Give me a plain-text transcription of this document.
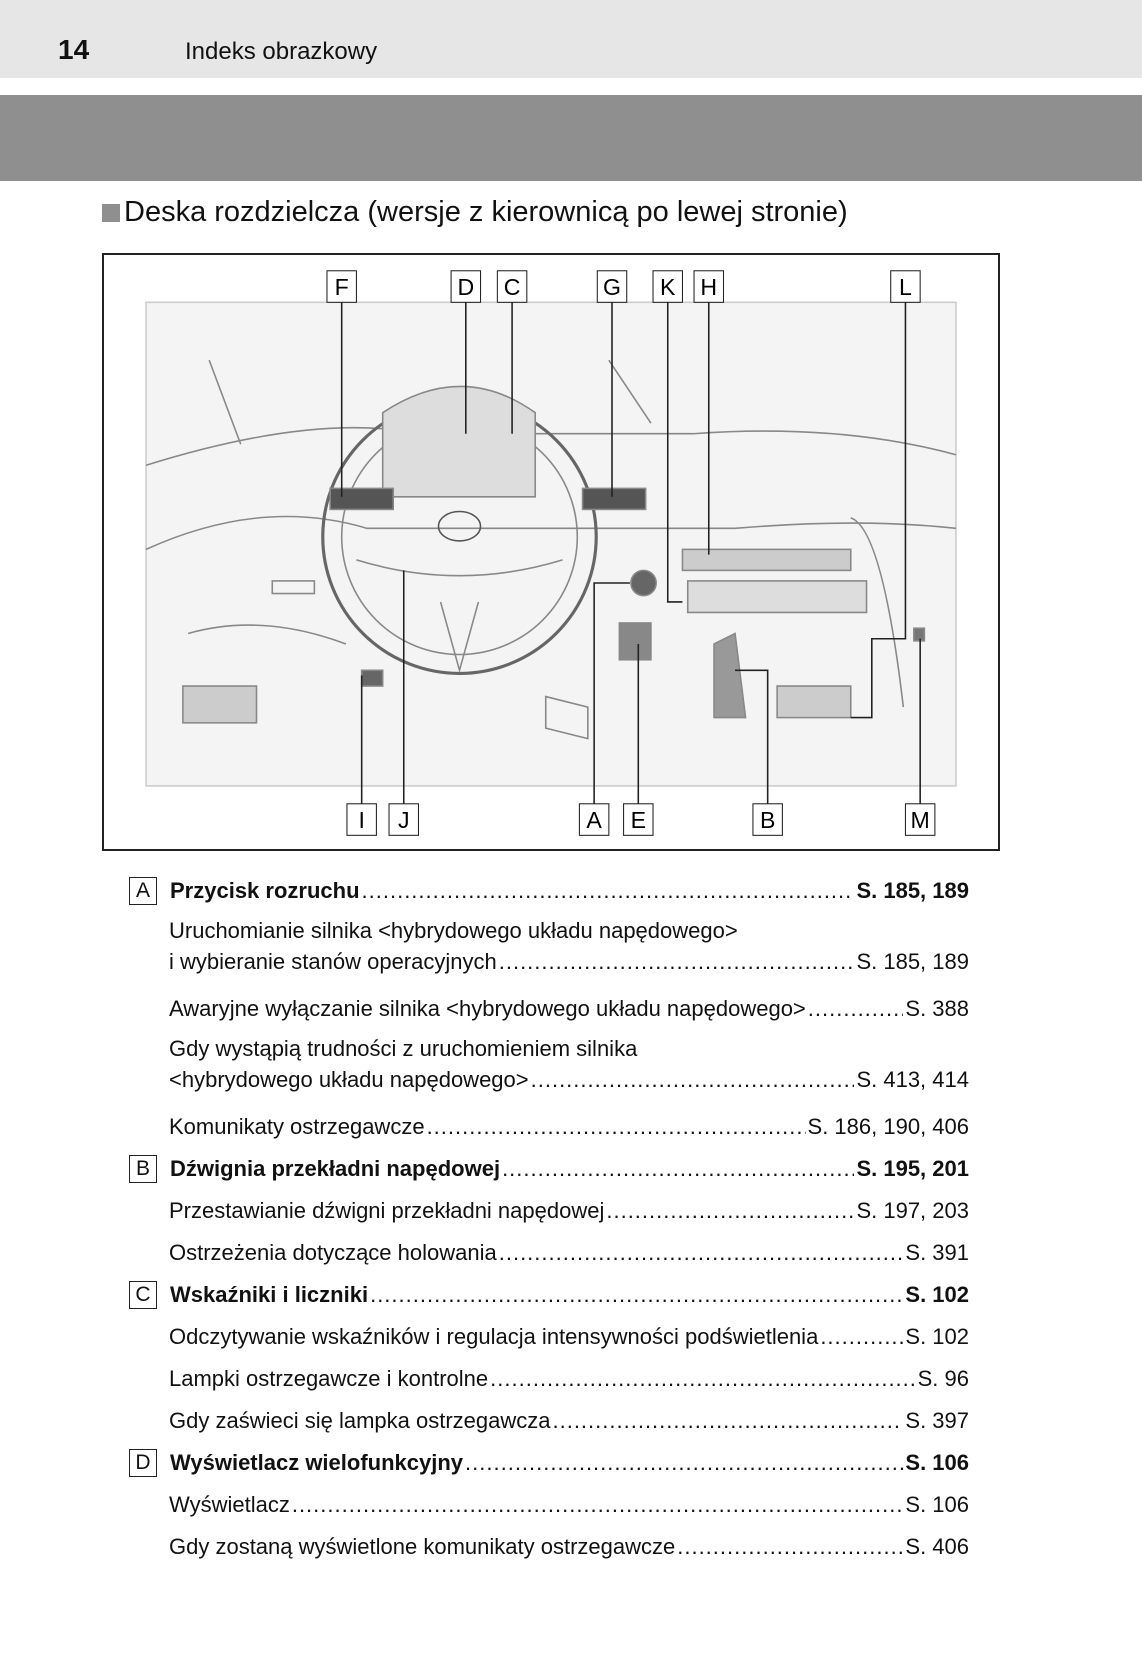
14	Indeks obrazkowy
Deska rozdzielcza (wersje z kierownicą po lewej stronie)
F	D C	G K H	L
I J	A E	B	M
A Przycisk rozruchu .....	S. 185, 189
Uruchomianie silnika <hybrydowego układu napędowego>
i wybieranie stanów operacyjnych .....	S. 185, 189
Awaryjne wyłączanie silnika <hybrydowego układu napędowego> .....	S. 388
Gdy wystąpią trudności z uruchomieniem silnika
<hybrydowego układu napędowego> .....	S. 413, 414
Komunikaty ostrzegawcze .....	S. 186, 190, 406
B Dźwignia przekładni napędowej .....	S. 195, 201
Przestawianie dźwigni przekładni napędowej .....	S. 197, 203
Ostrzeżenia dotyczące holowania .....	S. 391
C Wskaźniki i liczniki .....	S. 102
Odczytywanie wskaźników i regulacja intensywności podświetlenia .....	S. 102
Lampki ostrzegawcze i kontrolne .....	S. 96
Gdy zaświeci się lampka ostrzegawcza .....	S. 397
D Wyświetlacz wielofunkcyjny .....	S. 106
Wyświetlacz .....	S. 106
Gdy zostaną wyświetlone komunikaty ostrzegawcze .....	S. 406
